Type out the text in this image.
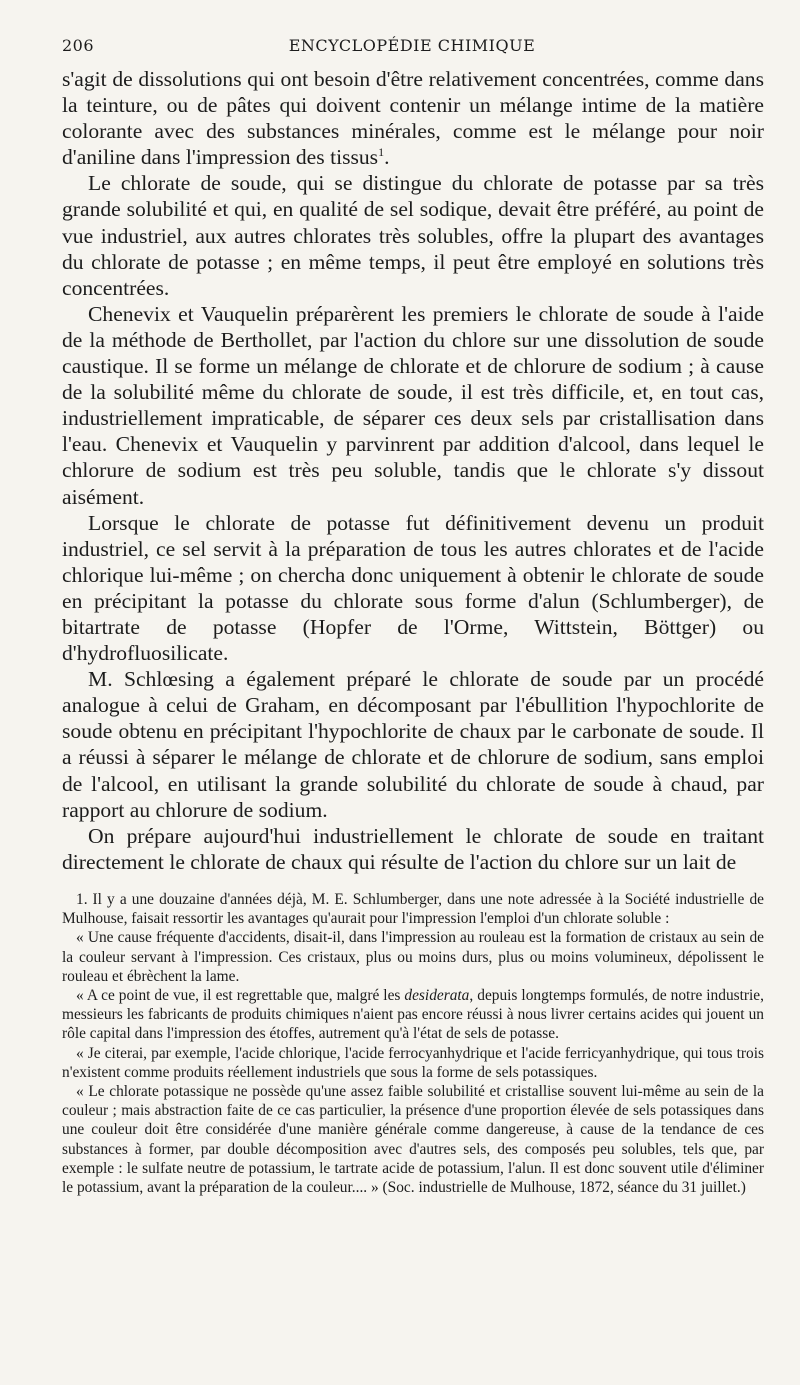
206	ENCYCLOPÉDIE CHIMIQUE

s'agit de dissolutions qui ont besoin d'être relativement concentrées, comme dans la teinture, ou de pâtes qui doivent contenir un mélange intime de la matière colorante avec des substances minérales, comme est le mélange pour noir d'aniline dans l'impression des tissus$^1$.

Le chlorate de soude, qui se distingue du chlorate de potasse par sa très grande solubilité et qui, en qualité de sel sodique, devait être préféré, au point de vue industriel, aux autres chlorates très solubles, offre la plupart des avantages du chlorate de potasse ; en même temps, il peut être employé en solutions très concentrées.

Chenevix et Vauquelin préparèrent les premiers le chlorate de soude à l'aide de la méthode de Berthollet, par l'action du chlore sur une dissolution de soude caustique. Il se forme un mélange de chlorate et de chlorure de sodium ; à cause de la solubilité même du chlorate de soude, il est très difficile, et, en tout cas, industriellement impraticable, de séparer ces deux sels par cristallisation dans l'eau. Chenevix et Vauquelin y parvinrent par addition d'alcool, dans lequel le chlorure de sodium est très peu soluble, tandis que le chlorate s'y dissout aisément.

Lorsque le chlorate de potasse fut définitivement devenu un produit industriel, ce sel servit à la préparation de tous les autres chlorates et de l'acide chlorique lui-même ; on chercha donc uniquement à obtenir le chlorate de soude en précipitant la potasse du chlorate sous forme d'alun (Schlumberger), de bitartrate de potasse (Hopfer de l'Orme, Wittstein, Böttger) ou d'hydrofluosilicate.

M. Schlœsing a également préparé le chlorate de soude par un procédé analogue à celui de Graham, en décomposant par l'ébullition l'hypochlorite de soude obtenu en précipitant l'hypochlorite de chaux par le carbonate de soude. Il a réussi à séparer le mélange de chlorate et de chlorure de sodium, sans emploi de l'alcool, en utilisant la grande solubilité du chlorate de soude à chaud, par rapport au chlorure de sodium.

On prépare aujourd'hui industriellement le chlorate de soude en traitant directement le chlorate de chaux qui résulte de l'action du chlore sur un lait de

1. Il y a une douzaine d'années déjà, M. E. Schlumberger, dans une note adressée à la Société industrielle de Mulhouse, faisait ressortir les avantages qu'aurait pour l'impression l'emploi d'un chlorate soluble :

« Une cause fréquente d'accidents, disait-il, dans l'impression au rouleau est la formation de cristaux au sein de la couleur servant à l'impression. Ces cristaux, plus ou moins durs, plus ou moins volumineux, dépolissent le rouleau et ébrèchent la lame.

« A ce point de vue, il est regrettable que, malgré les desiderata, depuis longtemps formulés, de notre industrie, messieurs les fabricants de produits chimiques n'aient pas encore réussi à nous livrer certains acides qui jouent un rôle capital dans l'impression des étoffes, autrement qu'à l'état de sels de potasse.

« Je citerai, par exemple, l'acide chlorique, l'acide ferrocyanhydrique et l'acide ferricyanhydrique, qui tous trois n'existent comme produits réellement industriels que sous la forme de sels potassiques.

« Le chlorate potassique ne possède qu'une assez faible solubilité et cristallise souvent lui-même au sein de la couleur ; mais abstraction faite de ce cas particulier, la présence d'une proportion élevée de sels potassiques dans une couleur doit être considérée d'une manière générale comme dangereuse, à cause de la tendance de ces substances à former, par double décomposition avec d'autres sels, des composés peu solubles, tels que, par exemple : le sulfate neutre de potassium, le tartrate acide de potassium, l'alun. Il est donc souvent utile d'éliminer le potassium, avant la préparation de la couleur.... » (Soc. industrielle de Mulhouse, 1872, séance du 31 juillet.)
